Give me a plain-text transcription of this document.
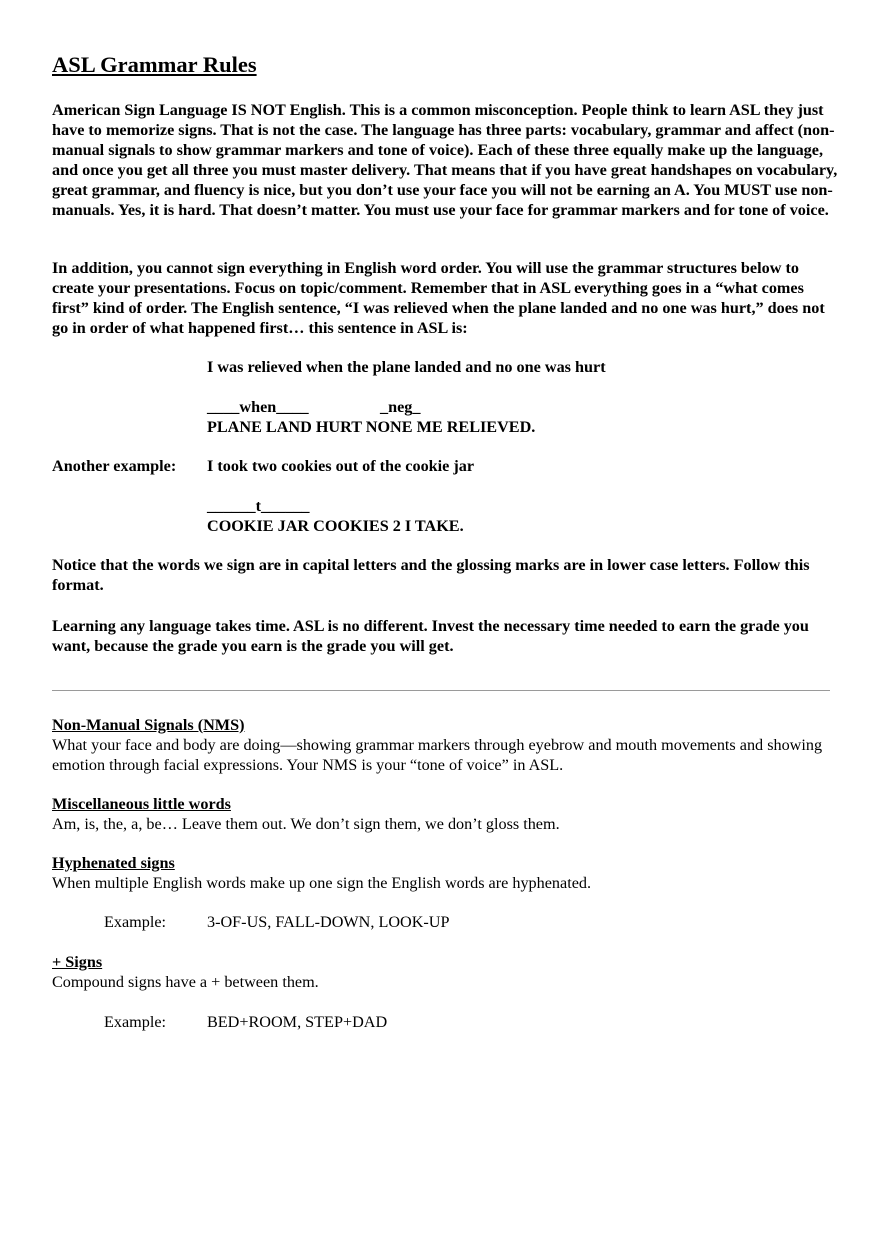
ASL Grammar Rules

American Sign Language IS NOT English. This is a common misconception. People think to learn ASL they just have to memorize signs. That is not the case. The language has three parts: vocabulary, grammar and affect (non-manual signals to show grammar markers and tone of voice). Each of these three equally make up the language, and once you get all three you must master delivery. That means that if you have great handshapes on vocabulary, great grammar, and fluency is nice, but you don’t use your face you will not be earning an A. You MUST use non-manuals. Yes, it is hard. That doesn’t matter. You must use your face for grammar markers and for tone of voice.

In addition, you cannot sign everything in English word order. You will use the grammar structures below to create your presentations. Focus on topic/comment. Remember that in ASL everything goes in a “what comes first” kind of order. The English sentence, “I was relieved when the plane landed and no one was hurt,” does not go in order of what happened first… this sentence in ASL is:

I was relieved when the plane landed and no one was hurt

____when____	_neg_

PLANE LAND HURT NONE ME RELIEVED.

Another example: I took two cookies out of the cookie jar

______t______

COOKIE JAR COOKIES 2 I TAKE.

Notice that the words we sign are in capital letters and the glossing marks are in lower case letters. Follow this format.

Learning any language takes time. ASL is no different. Invest the necessary time needed to earn the grade you want, because the grade you earn is the grade you will get.

Non-Manual Signals (NMS)

What your face and body are doing—showing grammar markers through eyebrow and mouth movements and showing emotion through facial expressions. Your NMS is your “tone of voice” in ASL.

Miscellaneous little words

Am, is, the, a, be… Leave them out. We don’t sign them, we don’t gloss them.

Hyphenated signs

When multiple English words make up one sign the English words are hyphenated.

Example:	3-OF-US, FALL-DOWN, LOOK-UP

+ Signs

Compound signs have a + between them.

Example:	BED+ROOM, STEP+DAD
